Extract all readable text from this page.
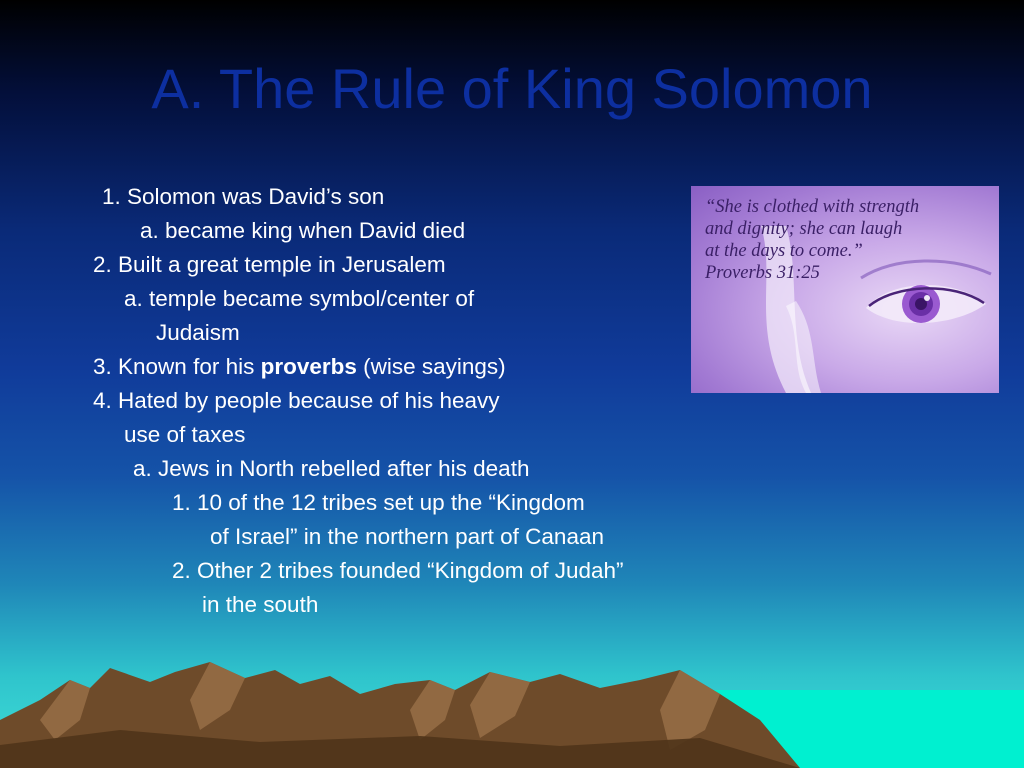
A. The Rule of King Solomon
1. Solomon was David’s son
a. became king when David died
2. Built a great temple in Jerusalem
a. temple became symbol/center of
Judaism
3. Known for his proverbs (wise sayings)
4. Hated by people because of his heavy
use of taxes
a. Jews in North rebelled after his death
1. 10 of the 12 tribes set up the “Kingdom
of Israel” in the northern part of Canaan
2. Other 2 tribes founded “Kingdom of Judah”
in the south
“She is clothed with strength
and dignity; she can laugh
at the days to come.”
Proverbs 31:25
